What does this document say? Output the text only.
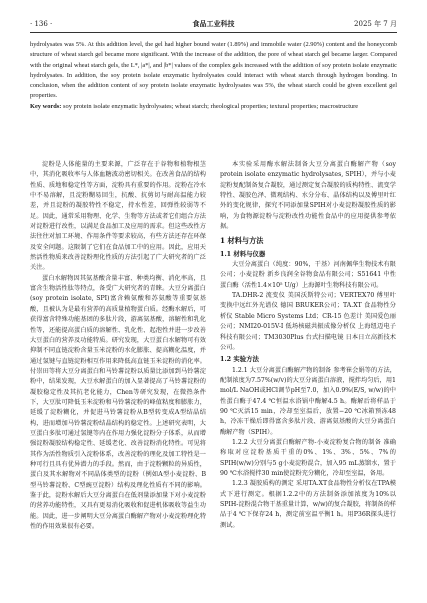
· 136 ·	食品工业科技	2025 年 7 月
hydrolysates was 5%. At this addition level, the gel had higher bound water (1.89%) and immobile water (2.90%) content and the honeycomb structure of wheat starch gel became more significant. With the increase of the addition, the pore of wheat starch gel became larger. Compared with the original wheat starch gels, the L*, |a*|, and |b*| values of the complex gels increased with the addition of soy protein isolate enzymatic hydrolysates. In addition, the soy protein isolate enzymatic hydrolysates could interact with wheat starch through hydrogen bonding. In conclusion, when the addition content of soy protein isolate enzymatic hydrolysates was 5%, the wheat starch could be given excellent gel properties.
Key words: soy protein isolate enzymatic hydrolysates; wheat starch; rheological properties; textural properties; macrostructure

淀粉是人体能量的主要来源，广泛存在于谷物和植物根茎中，其消化吸收率与人体血糖波动密切相关。在改善食品的结构性质、质地和稳定性等方面，淀粉具有重要的作用。淀粉在冷水中不易溶解，且淀粉糊易回生，抗酸、抗剪切与耐高温能力较差，并且淀粉的凝胶特性不稳定，持水性差，回弹性较弱等不足。因此，通常采用物理、化学、生物等方法或者它们组合方法对淀粉进行改性，以满足食品加工及应用的需求。但这些改性方法往往对加工环境、作用条件等要求较高，有些方法还存在环保及安全问题。这限制了它们在食品加工中的应用。因此，应用天然活性物质来改善淀粉理化性质的方法引起了广大研究者的广泛关注。

蛋白水解物因其氨基酸含量丰富、种类均衡、消化率高，且富含生物活性肽等特点，备受广大研究者的青睐。大豆分离蛋白(soy protein isolate, SPI)富含赖氨酸和苏氨酸等重要氨基酸，且被认为是最有营养的高质量植物蛋白质。经酶水解后，可获得富含特殊功能基团的多肽片段，游离氨基酸，溶解性和乳化性等，还能提高蛋白质的溶解性、乳化性、起泡性并进一步改善大豆蛋白的营养及功能特质。研究发现，大豆蛋白水解物可有效抑制不同直链淀粉含量玉米淀粉的水化膨胀、提高糊化温度，并通过氢键与直链淀粉相互作用来降低高直链玉米淀粉的消化率。付崇田等将大豆分离蛋白和马铃薯淀粉以质量比添加到马铃薯淀粉中，结果发现，大豆水解蛋白的加入显著提高了马铃薯淀粉的凝胶稳定性及其抗老化能力，Chen等研究发现，在微热条件下，大豆肽可降低玉米淀粉和马铃薯淀粉的峰值粘度和膨胀力，延缓了淀粉糊化，并促进马铃薯淀粉从B型转变成A型结晶结构，进而增加马铃薯淀粉结晶结构的稳定性。上述研究表明，大豆蛋白多肽可通过氢键等内在作用力强化淀粉分子体系，从而增强淀粉凝胶结构稳定性、延缓老化、改善淀粉消化特性。可见将其作为活性物质引入淀粉体系，改善淀粉的理化及加工特性是一种可行且具有优异潜力的手段。然而，由于淀粉颗粒的异质性，蛋白及其水解物对不同晶体类型的淀粉（例如A型小麦淀粉、B型马铃薯淀粉、C型豌豆淀粉）结构及理化性质有不同的影响。鉴于此，淀粉水解后大豆分离蛋白在低剂量添加量下对小麦淀粉的营养功能特性，又具有更易消化吸收和促进机体吸收等益生功能。因此，进一步阐明大豆分离蛋白酶解产物对小麦淀粉理化特性的作用效果很有必要。

本实验采用酶水解法制备大豆分离蛋白酶解产物（soy protein isolate enzymatic hydrolysates, SPIH），并与小麦淀粉复配制备复合凝胶，通过测定复合凝胶的质构特性、流变学特性、凝胶色泽、微观结构、水分分布、晶体结构以及傅里叶红外的变化规律，探究不同添加量SPIH对小麦淀粉凝胶性质的影响，为食物源淀粉与淀粉改性功能性食品中的应用提供参考依据。

1 材料与方法
1.1 材料与仪器

大豆分离蛋白（纯度：90%，干基）河南佩华生物技术有限公司；小麦淀粉 新乡良润全谷物食品有限公司；S51641 中性蛋白酶（活性1.4×10⁵ U/g）上海源叶生物科技有限公司。

TA.DHR-2 流变仪 美国沃斯特公司；VERTEX70 傅里叶变换中远红外光谱仪 德国 BRUKER公司；TA.XT 食品物性分析仪 Stable Micro Systems Ltd；CR-15 色差计 美国爱色丽公司；NMI20-015V-I 低场核磁共振成像分析仪 上海纽迈电子科技有限公司；TM3030Plus 台式扫描电镜 日本日立高新技术公司。

1.2 实验方法

1.2.1 大豆分离蛋白酶解产物的制备 参考崔会娟等的方法，配制浓度为7.57%(w/v)的大豆分离蛋白溶液，搅拌均匀后，用1 mol/L NaOH或HCl调节pH至7.0，加入0.9%(E/S, w/w)的中性蛋白酶于47.4 ℃恒温水浴锅中酶解4.5 h。酶解后将样品于90 ℃灭活15 min，冷却至室温后，放置−20 ℃冰箱预冻48 h，冷冻干燥后即得富含多肽片段、游离氨基酸的大豆分离蛋白酶解产物（SPIH）。

1.2.2 大豆分离蛋白酶解产物-小麦淀粉复合物的制备 准确称取对应淀粉基质干重的0%、1%、3%、5%、7%的SPIH(w/w)分别与5 g小麦淀粉混合，加入95 mL蒸馏水，置于90 ℃水浴搅拌30 min使淀粉充分糊化，冷却至室温，备用。

1.2.3 凝胶质构的测定 采用TA.XT食品物性分析仪在TPA模式下进行测定。根据1.2.2中的方法制备添加浓度为10%以SPIH-淀粉混合物干基重量计算，w/w)的复合凝胶，将制备的样品于4 ℃下保存24 h，测定前室温平衡1 h。用P36R探头进行测试。
